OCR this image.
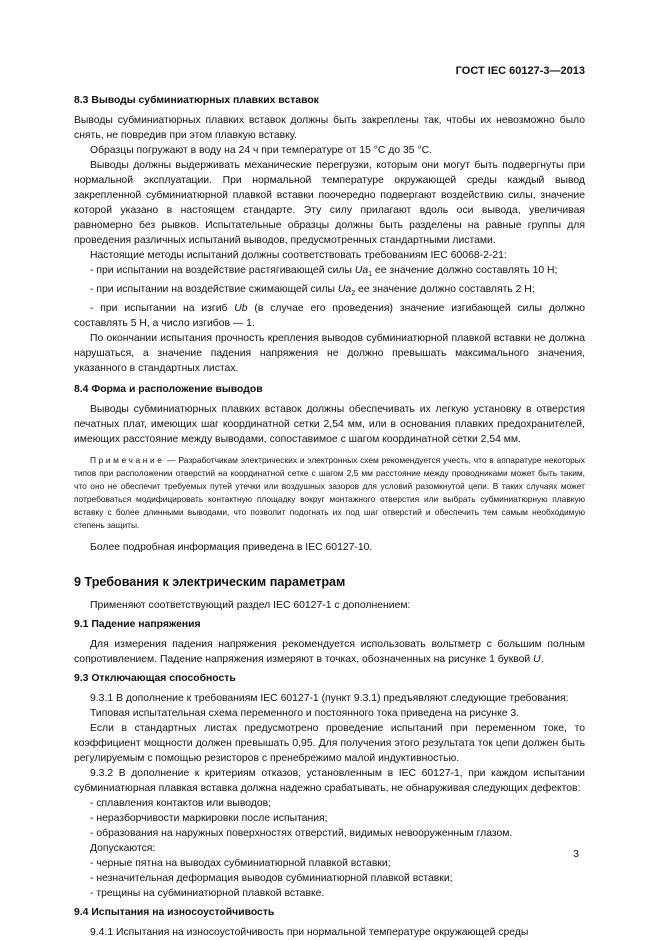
ГОСТ IEC 60127-3—2013
8.3 Выводы субминиатюрных плавких вставок

Выводы субминиатюрных плавких вставок должны быть закреплены так, чтобы их невозможно было снять, не повредив при этом плавкую вставку.

Образцы погружают в воду на 24 ч при температуре от 15 °С до 35 °С.

Выводы должны выдерживать механические перегрузки, которым они могут быть подвергнуты при нормальной эксплуатации. При нормальной температуре окружающей среды каждый вывод закрепленной субминиатюрной плавкой вставки поочередно подвергают воздействию силы, значение которой указано в настоящем стандарте. Эту силу прилагают вдоль оси вывода, увеличивая равномерно без рывков. Испытательные образцы должны быть разделены на равные группы для проведения различных испытаний выводов, предусмотренных стандартными листами.

Настоящие методы испытаний должны соответствовать требованиям IEC 60068-2-21:

- при испытании на воздействие растягивающей силы $Ua_1$ ее значение должно составлять 10 Н;

- при испытании на воздействие сжимающей силы $Ua_2$ ее значение должно составлять 2 Н;

- при испытании на изгиб Ub (в случае его проведения) значение изгибающей силы должно составлять 5 Н, а число изгибов — 1.

По окончании испытания прочность крепления выводов субминиатюрной плавкой вставки не должна нарушаться, а значение падения напряжения не должно превышать максимального значения, указанного в стандартных листах.

8.4 Форма и расположение выводов

Выводы субминиатюрных плавких вставок должны обеспечивать их легкую установку в отверстия печатных плат, имеющих шаг координатной сетки 2,54 мм, или в основания плавких предохранителей, имеющих расстояние между выводами, сопоставимое с шагом координатной сетки 2,54 мм.

Примечание — Разработчикам электрических и электронных схем рекомендуется учесть, что в аппаратуре некоторых типов при расположении отверстий на координатной сетке с шагом 2,5 мм расстояние между проводниками может быть таким, что оно не обеспечит требуемых путей утечки или воздушных зазоров для условий разомкнутой цепи. В таких случаях может потребоваться модифицировать контактную площадку вокруг монтажного отверстия или выбрать субминиатюрную плавкую вставку с более длинными выводами, что позволит подогнать их под шаг отверстий и обеспечить тем самым необходимую степень защиты.

Более подробная информация приведена в IEC 60127-10.

9 Требования к электрическим параметрам

Применяют соответствующий раздел IEC 60127-1 с дополнением:

9.1 Падение напряжения

Для измерения падения напряжения рекомендуется использовать вольтметр с большим полным сопротивлением. Падение напряжения измеряют в точках, обозначенных на рисунке 1 буквой U.

9.3 Отключающая способность

9.3.1 В дополнение к требованиям IEC 60127-1 (пункт 9.3.1) предъявляют следующие требования:

Типовая испытательная схема переменного и постоянного тока приведена на рисунке 3.

Если в стандартных листах предусмотрено проведение испытаний при переменном токе, то коэффициент мощности должен превышать 0,95. Для получения этого результата ток цепи должен быть регулируемым с помощью резисторов с пренебрежимо малой индуктивностью.

9.3.2 В дополнение к критериям отказов, установленным в IEC 60127-1, при каждом испытании субминиатюрная плавкая вставка должна надежно срабатывать, не обнаруживая следующих дефектов:

- сплавления контактов или выводов;

- неразборчивости маркировки после испытания;

- образования на наружных поверхностях отверстий, видимых невооруженным глазом.

Допускаются:

- черные пятна на выводах субминиатюрной плавкой вставки;

- незначительная деформация выводов субминиатюрной плавкой вставки;

- трещины на субминиатюрной плавкой вставке.

9.4 Испытания на износоустойчивость

9.4.1 Испытания на износоустойчивость при нормальной температуре окружающей среды

3
